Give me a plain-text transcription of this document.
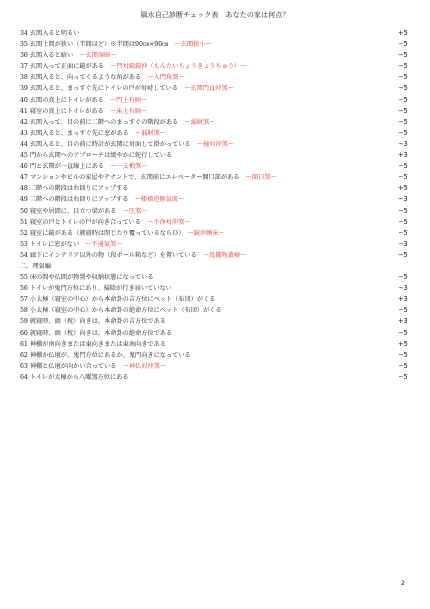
風水自己診断チェック表　あなたの家は何点？
34 玄関入ると明るい	+5
35 玄関土間が狭い（半間ほど）※半間は90㎝×90㎝　 〜玄関狭小〜	−5
36 玄関入ると暗い　 〜玄関湿暗〜	−5
37 玄関入って正面に鏡がある　 〜門対鏡鏡沖（もんたいちょうきょうちゅう）〜	−5
38 玄関入ると、向ってくるような角がある　 〜入門角煞〜	−5
39 玄関入ると、まっすぐ先にトイレの戸が対峙している　 〜玄関門直沖煞〜	−5
40 玄関の真上にトイレがある　 〜門上有厠〜	−5
41 寝室の真上にトイレがある　 〜床上有厠〜	−5
42 玄関入って、目の前に二階へのまっすぐの階段がある　 〜漏財煞〜	−5
43 玄関入ると、まっすぐ先に窓がある　 〜漏財煞〜	−5
44 玄関入ると、目の前に時計が玄関に対面して掛かっている　 〜撞対沖煞〜	−3
45 門から玄関へのアプローチは緩やかに蛇行している	+3
46 門と玄関が一直線上にある　 〜一支槍煞〜	−5
47 マンションやビルの家屋やテナントで、玄関前にエレベーター開口部がある　 〜開口煞〜	−5
48 二階への階段は右回りにアップする	+5
49 二階への階段は右回りにアップする　 〜楼梯逆修氣流〜	−3
50 寝室や居間に、目立つ梁がある　 〜圧煞〜	−5
51 寝室の戸とトイレの戸が向き合っている　 〜不浄対沖煞〜	−5
52 寝室に鏡がある（就寝時は閉じたり覆っているならＯ）　 〜鏡沖睡床〜	−5
53 トイレに窓がない　 〜不通氣煞〜	−3
54 廊下にインテリア以外の物（段ボール箱など）を置いている　 〜乱擺物叢癖〜	−5
二、理氣編
55 床の間や仏間が物置や収納状態になっている	−5
56 トイレが鬼門方位にあり、掃除が行き届いていない	−3
57 小太極（寝室の中心）から本命卦の吉方位にベット（布団）がくる	+3
58 小太極（寝室の中心）から本命卦の絶命方位にベット（布団）がくる	−5
59 就寝時、頭（枕）向きは、本命卦の吉方位である	+3
60 就寝時、頭（枕）向きは、本命卦の絶命方位である	−5
61 神棚が南向きまたは東向きまたは東南向きである	+5
62 神棚か仏壇が、鬼門方位にあるか、鬼門向きになっている	−5
63 神棚と仏壇が向かい合っている　 〜神仏対沖煞〜	−5
64 トイレが太極から八曜煞方位にある	−5
2
